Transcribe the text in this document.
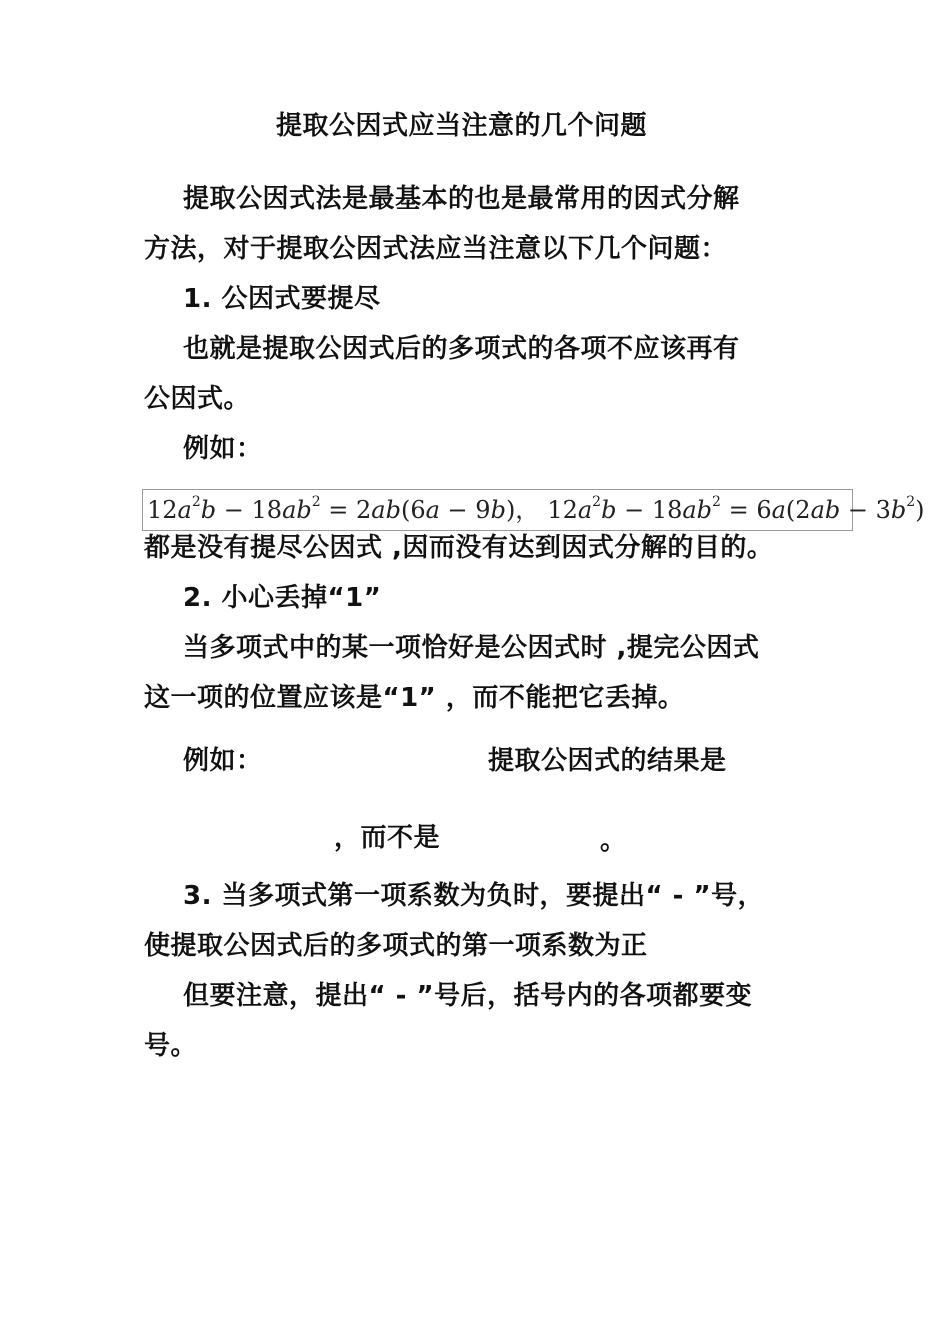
提取公因式应当注意的几个问题
提取公因式法是最基本的也是最常用的因式分解
方法，对于提取公因式法应当注意以下几个问题：
1. 公因式要提尽
也就是提取公因式后的多项式的各项不应该再有
公因式。
例如：
$12a^2b - 18ab^2 = 2ab(6a - 9b)$， $12a^2b - 18ab^2 = 6a(2ab - 3b^2)$
都是没有提尽公因式 ,因而没有达到因式分解的目的。
2. 小心丢掉“1”
当多项式中的某一项恰好是公因式时 ,提完公因式
这一项的位置应该是“1” ，而不能把它丢掉。
例如：	提取公因式的结果是
，而不是	。
3. 当多项式第一项系数为负时，要提出“ - ”号，
使提取公因式后的多项式的第一项系数为正
但要注意，提出“ - ”号后，括号内的各项都要变
号。
